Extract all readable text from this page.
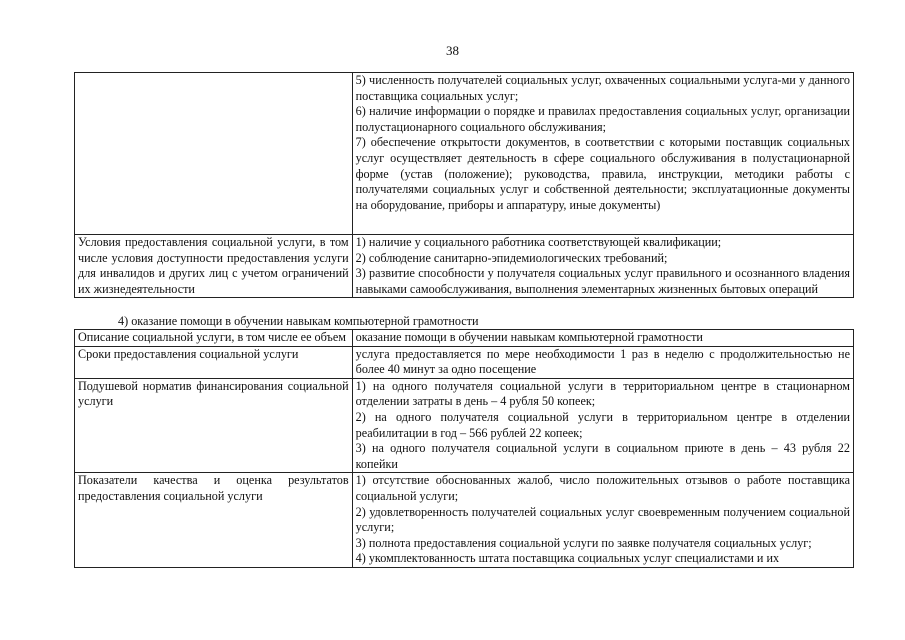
38

	5) численность получателей социальных услуг, охваченных социальными услуга-ми у данного поставщика социальных услуг;

6) наличие информации о порядке и правилах предоставления социальных услуг, организации полустационарного социального обслуживания;

7) обеспечение открытости документов, в соответствии с которыми поставщик социальных услуг осуществляет деятельность в сфере социального обслуживания в полустационарной форме (устав (положение); руководства, правила, инструкции, методики работы с получателями социальных услуг и собственной деятельности; эксплуатационные документы на оборудование, приборы и аппаратуру, иные документы)

Условия предоставления социальной услуги, в том числе условия доступности предоставления услуги для инвалидов и других лиц с учетом ограничений их жизнедеятельности	1) наличие у социального работника соответствующей квалификации;

2) соблюдение санитарно-эпидемиологических требований;

3) развитие способности у получателя социальных услуг правильного и осознанного владения навыками самообслуживания, выполнения элементарных жизненных бытовых операций

4) оказание помощи в обучении навыкам компьютерной грамотности
Описание социальной услуги, в том числе ее объем	оказание помощи в обучении навыкам компьютерной грамотности

Сроки предоставления социальной услуги	услуга предоставляется по мере необходимости 1 раз в неделю с продолжительностью не более 40 минут за одно посещение

Подушевой норматив финансирования социальной услуги	1) на одного получателя социальной услуги в территориальном центре в стационарном отделении затраты в день – 4 рубля 50 копеек;

2) на одного получателя социальной услуги в территориальном центре в отделении реабилитации в год – 566 рублей 22 копеек;

3) на одного получателя социальной услуги в социальном приюте в день – 43 рубля 22 копейки

Показатели качества и оценка результатов предоставления социальной услуги	1) отсутствие обоснованных жалоб, число положительных отзывов о работе поставщика социальной услуги;

2) удовлетворенность получателей социальных услуг своевременным получением социальной услуги;

3) полнота предоставления социальной услуги по заявке получателя социальных услуг;

4) укомплектованность штата поставщика социальных услуг специалистами и их
